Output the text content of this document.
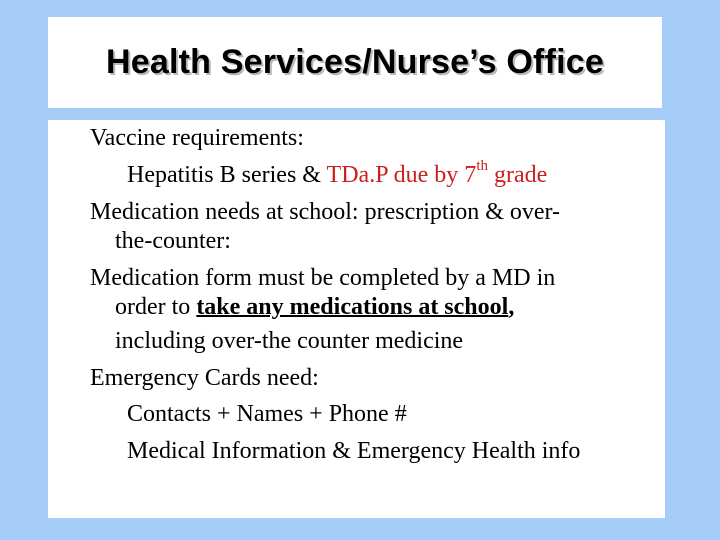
Health Services/Nurse’s Office
Vaccine requirements:
Hepatitis B series & TDa.P due by 7th grade
Medication needs at school: prescription & over-
the-counter:
Medication form must be completed by a MD in
order to take any medications at school,
including over-the counter medicine
Emergency Cards need:
Contacts + Names + Phone #
Medical Information & Emergency Health info
